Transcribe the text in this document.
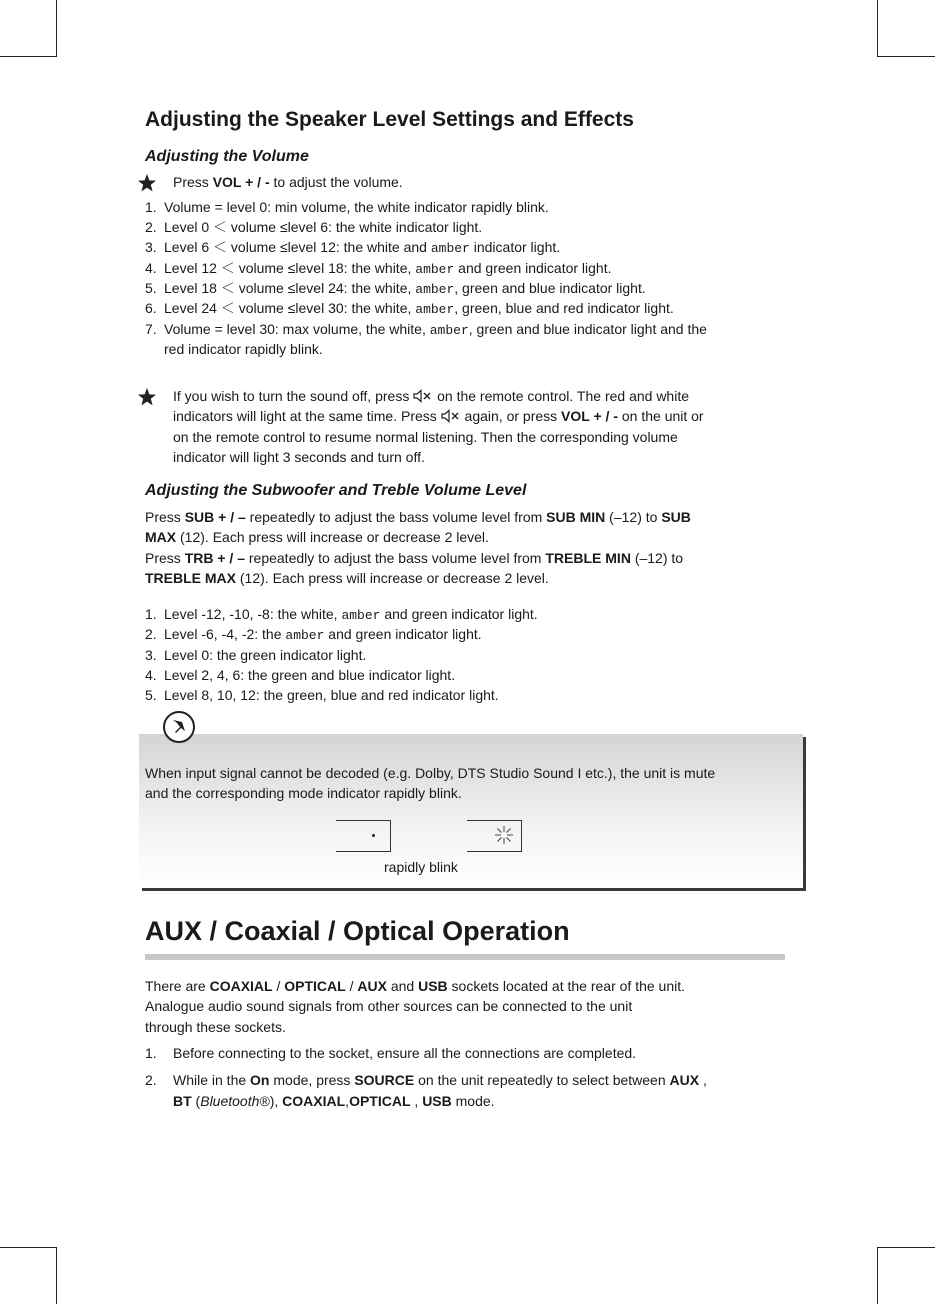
Adjusting the Speaker Level Settings and Effects
Adjusting the Volume
Press VOL + / - to adjust the volume.
1. Volume = level 0: min volume, the white indicator rapidly blink.
2. Level 0 ＜ volume ≤level 6: the white indicator light.
3. Level 6 ＜ volume ≤level 12: the white and amber indicator light.
4. Level 12 ＜ volume ≤level 18: the white, amber and green indicator light.
5. Level 18 ＜ volume ≤level 24: the white, amber, green and blue indicator light.
6. Level 24 ＜ volume ≤level 30: the white, amber, green, blue and red indicator light.
7. Volume = level 30: max volume, the white, amber, green and blue indicator light and the
red indicator rapidly blink.
If you wish to turn the sound off, press  on the remote control. The red and white
indicators will light at the same time. Press  again, or press VOL + / - on the unit or
on the remote control to resume normal listening. Then the corresponding volume
indicator will light 3 seconds and turn off.
Adjusting the Subwoofer and Treble Volume Level
Press SUB + / – repeatedly to adjust the bass volume level from SUB MIN (–12) to SUB
MAX (12). Each press will increase or decrease 2 level.
Press TRB + / – repeatedly to adjust the bass volume level from TREBLE MIN (–12) to
TREBLE MAX (12). Each press will increase or decrease 2 level.
1. Level -12, -10, -8: the white, amber and green indicator light.
2. Level -6, -4, -2: the amber and green indicator light.
3. Level 0: the green indicator light.
4. Level 2, 4, 6: the green and blue indicator light.
5. Level 8, 10, 12: the green, blue and red indicator light.
When input signal cannot be decoded (e.g. Dolby, DTS Studio Sound I etc.), the unit is mute
and the corresponding mode indicator rapidly blink.
rapidly blink
AUX / Coaxial / Optical Operation
There are COAXIAL / OPTICAL / AUX and USB sockets located at the rear of the unit.
Analogue audio sound signals from other sources can be connected to the unit
through these sockets.
1. Before connecting to the socket, ensure all the connections are completed.
2. While in the On mode, press SOURCE on the unit repeatedly to select between AUX ,
BT (Bluetooth®), COAXIAL,OPTICAL , USB mode.
